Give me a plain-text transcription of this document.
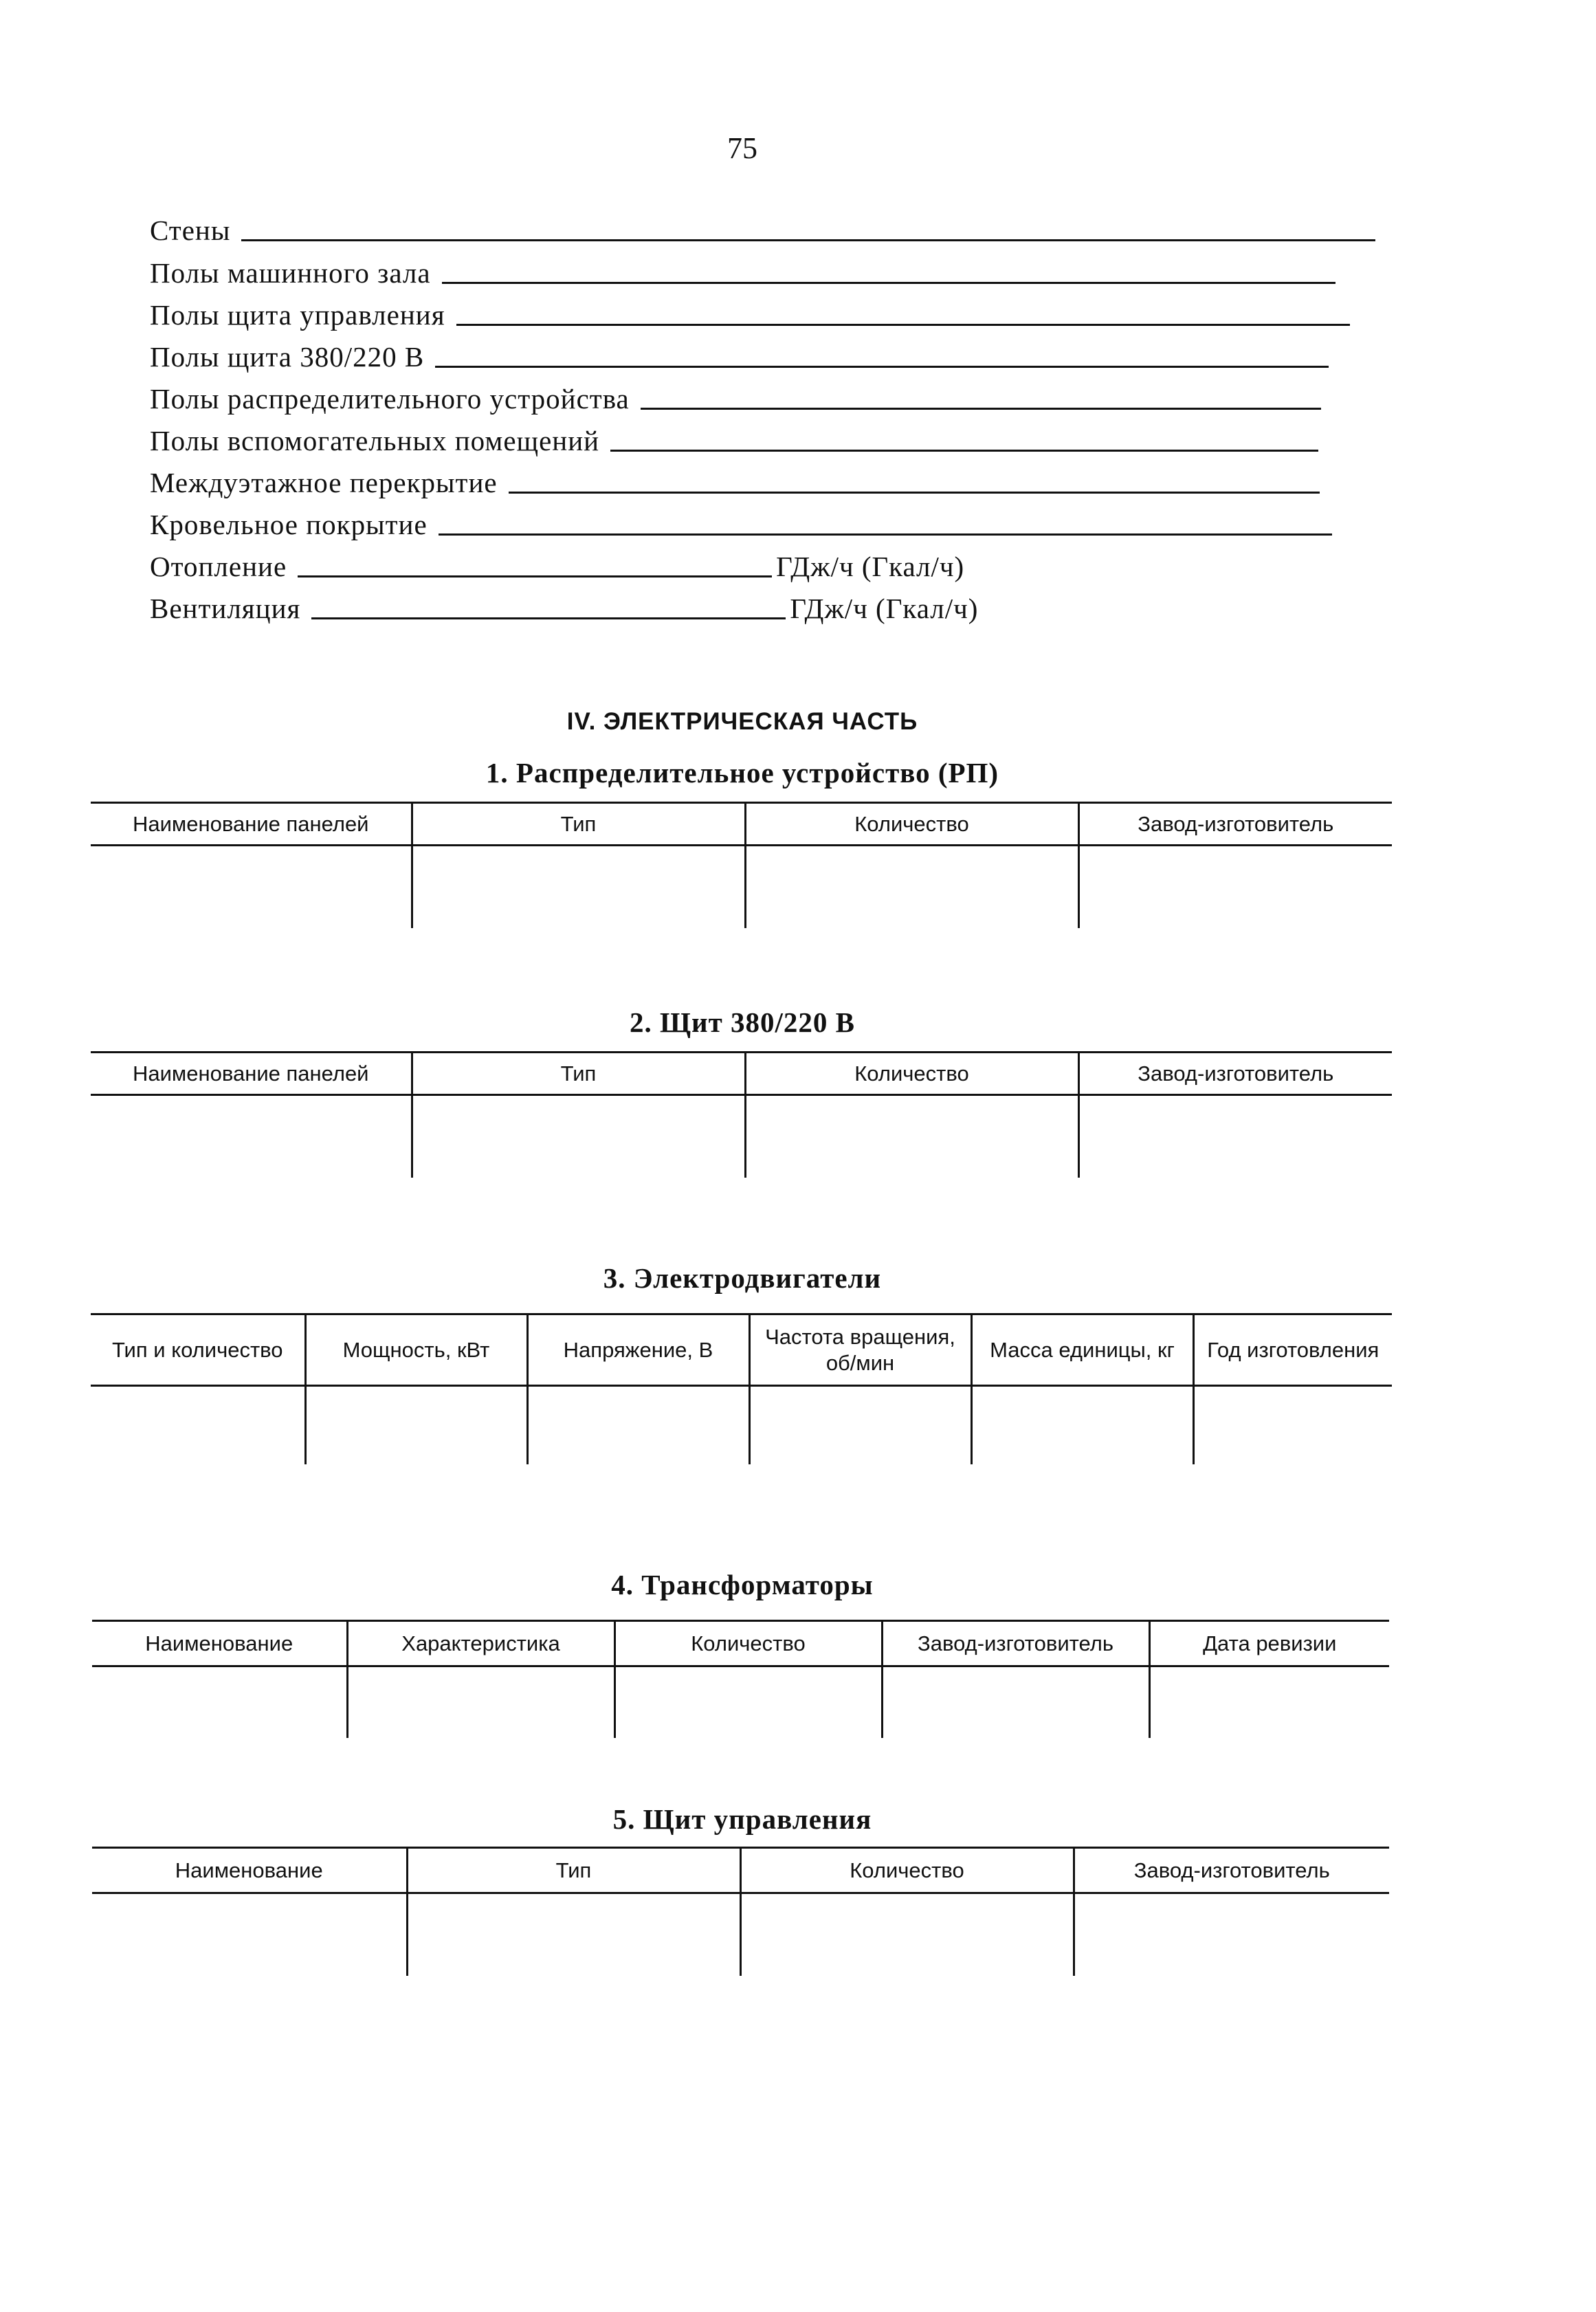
75
Стены
Полы машинного зала
Полы щита управления
Полы щита 380/220 В
Полы распределительного устройства
Полы вспомогательных помещений
Междуэтажное перекрытие
Кровельное покрытие
Отопление	ГДж/ч (Гкал/ч)
Вентиляция	ГДж/ч (Гкал/ч)
IV. ЭЛЕКТРИЧЕСКАЯ ЧАСТЬ
1. Распределительное устройство (РП)
Наименование панелей	Тип	Количество	Завод-изготовитель

2. Щит 380/220 В
Наименование панелей	Тип	Количество	Завод-изготовитель

3. Электродвигатели
Тип и количество	Мощность, кВт	Напряжение, В	Частота вращения, об/мин	Масса единицы, кг	Год изготовления

4. Трансформаторы
Наименование	Характеристика	Количество	Завод-изготовитель	Дата ревизии

5. Щит управления
Наименование	Тип	Количество	Завод-изготовитель
